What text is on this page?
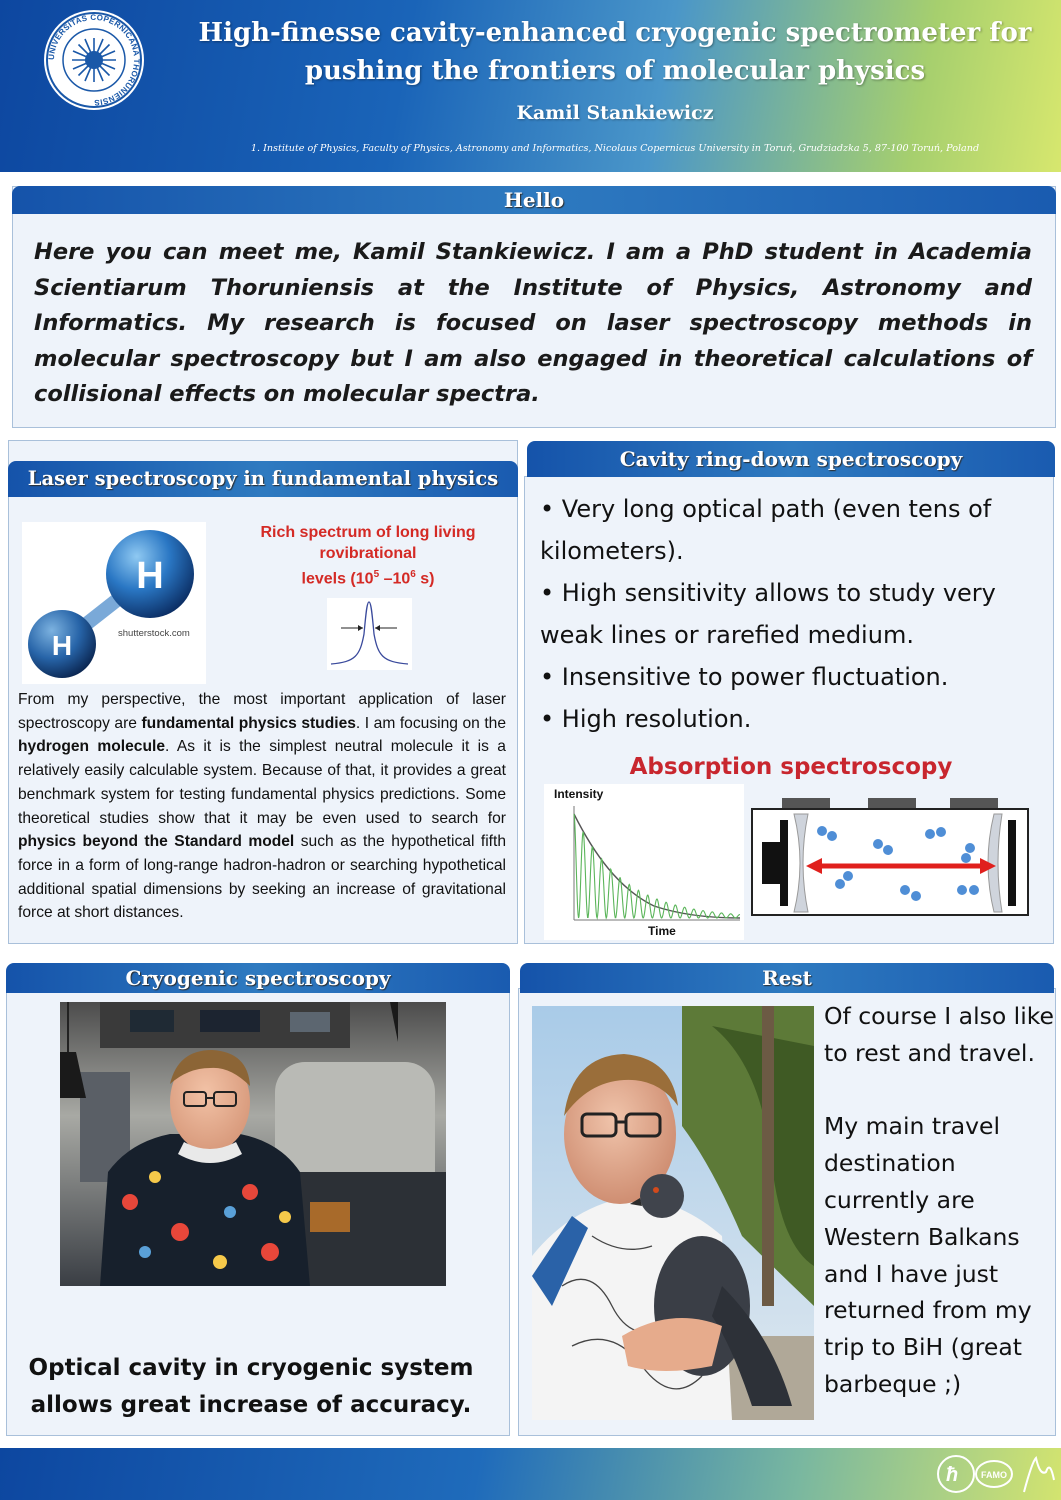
UNIVERSITAS COPERNICANA THORUNIENSIS
High-finesse cavity-enhanced cryogenic spectrometer for
pushing the frontiers of molecular physics
Kamil Stankiewicz
1. Institute of Physics, Faculty of Physics, Astronomy and Informatics, Nicolaus Copernicus University in Toruń, Grudziadzka 5, 87-100 Toruń, Poland
Hello
Here you can meet me, Kamil Stankiewicz. I am a PhD student in Academia Scientiarum Thoruniensis at the Institute of Physics, Astronomy and Informatics. My research is focused on laser spectroscopy methods in molecular spectroscopy but I am also engaged in theoretical calculations of collisional effects on molecular spectra.
Laser spectroscopy in fundamental physics
H
H	shutterstock.com
Rich spectrum of long living
rovibrational
levels ($10^5$ $-10^6$ s)
From my perspective, the most important application of laser spectroscopy are fundamental physics studies. I am focusing on the hydrogen molecule. As it is the simplest neutral molecule it is a relatively easily calculable system. Because of that, it provides a great benchmark system for testing fundamental physics predictions. Some theoretical studies show that it may be even used to search for physics beyond the Standard model such as the hypothetical fifth force in a form of long-range hadron-hadron or searching hypothetical additional spatial dimensions by seeking an increase of gravitational force at short distances.
Cavity ring-down spectroscopy
• Very long optical path (even tens of kilometers).
• High sensitivity allows to study very weak lines or rarefied medium.
• Insensitive to power fluctuation.
• High resolution.
Absorption spectroscopy
Intensity
Time
Cryogenic spectroscopy
Optical cavity in cryogenic system
allows great increase of accuracy.
Rest
Of course I also like to rest and travel.
My main travel destination currently are Western Balkans and I have just returned from my trip to BiH (great barbeque ;)
ħ	FAMO
